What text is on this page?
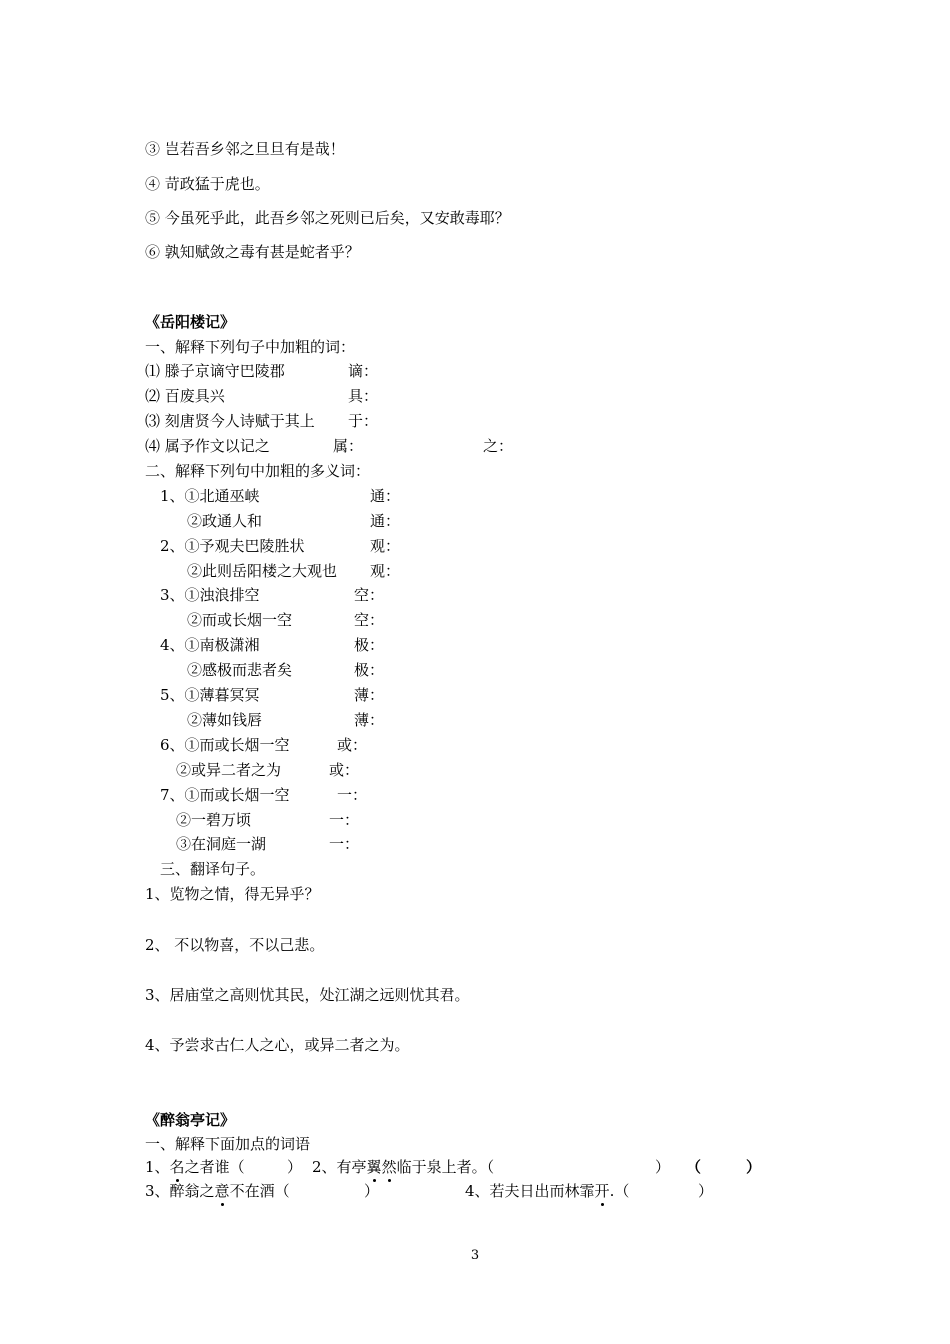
③ 岂若吾乡邻之旦旦有是哉！
④ 苛政猛于虎也。
⑤ 今虽死乎此，此吾乡邻之死则已后矣，又安敢毒耶？
⑥ 孰知赋敛之毒有甚是蛇者乎？
《岳阳楼记》
一、解释下列句子中加粗的词：
⑴ 滕子京谪守巴陵郡	谪：
⑵ 百废具兴	具：
⑶ 刻唐贤今人诗赋于其上 于：
⑷ 属予作文以记之	属：	之：
二、解释下列句中加粗的多义词：
1、①北通巫峡	通：
②政通人和	通：
2、①予观夫巴陵胜状	观：
②此则岳阳楼之大观也 观：
3、①浊浪排空	空：
②而或长烟一空	空：
4、①南极潇湘	极：
②感极而悲者矣	极：
5、①薄暮冥冥	薄：
②薄如钱唇	薄：
6、①而或长烟一空	或：
②或异二者之为	或：
7、①而或长烟一空	一：
②一碧万顷	一：
③在洞庭一湖	一：
三、翻译句子。
1、览物之情，得无异乎？
2、 不以物喜，不以己悲。
3、居庙堂之高则忧其民，处江湖之远则忧其君。
4、予尝求古仁人之心，或异二者之为。
《醉翁亭记》
一、解释下面加点的词语
1、名之者谁（	） 2、有亭翼然临于泉上者。（	） （　　　）
3、醉翁之意不在酒（	）	4、若夫日出而林霏开.（	）
3
